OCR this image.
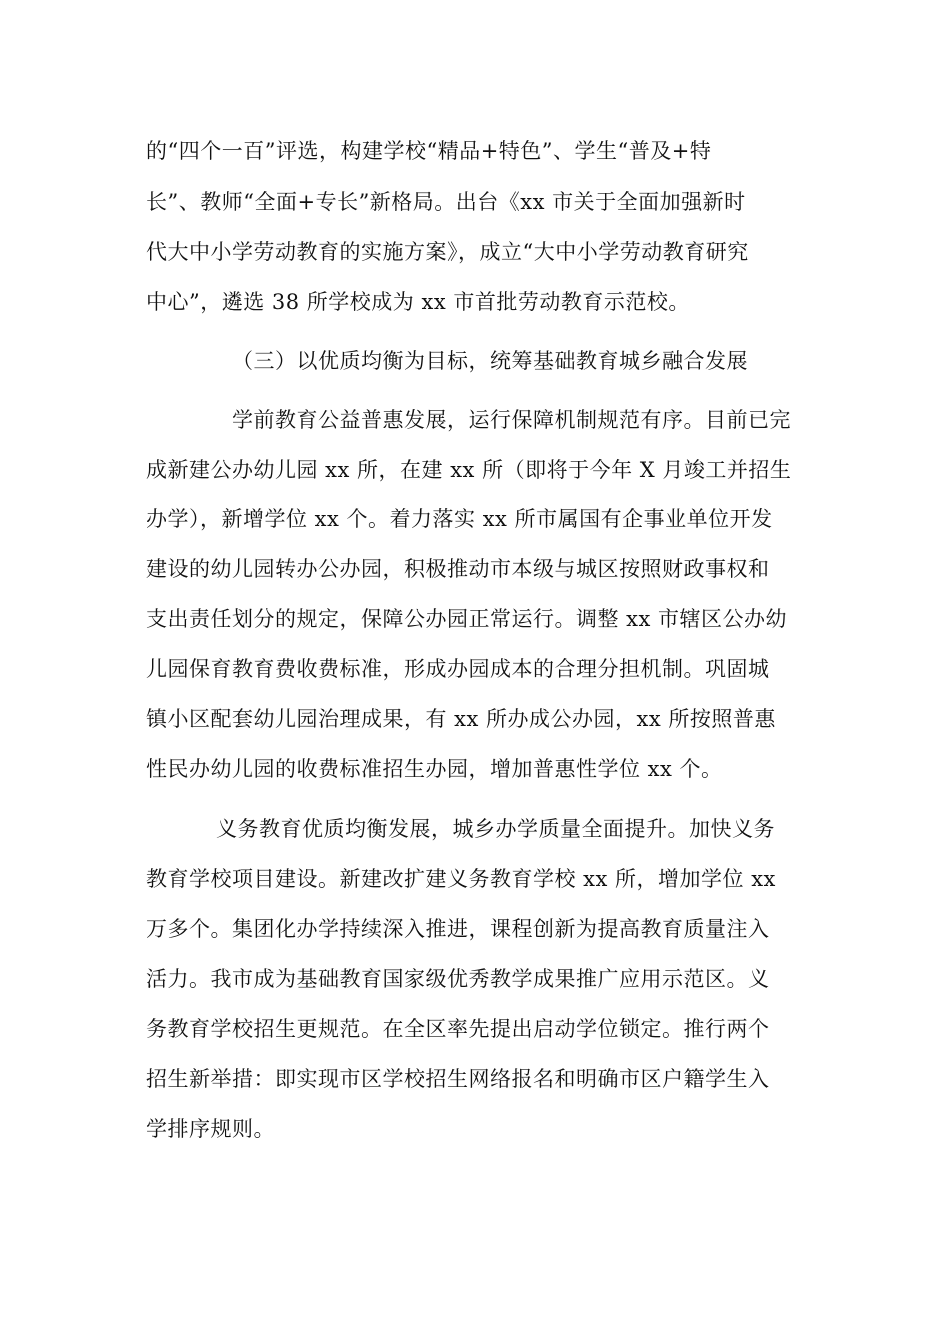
的“四个一百”评选，构建学校“精品+特色”、学生“普及+特
长”、教师“全面+专长”新格局。出台《xx 市关于全面加强新时
代大中小学劳动教育的实施方案》，成立“大中小学劳动教育研究
中心”，遴选 38 所学校成为 xx 市首批劳动教育示范校。
（三）以优质均衡为目标，统筹基础教育城乡融合发展
学前教育公益普惠发展，运行保障机制规范有序。目前已完
成新建公办幼儿园 xx 所，在建 xx 所（即将于今年 X 月竣工并招生
办学），新增学位 xx 个。着力落实 xx 所市属国有企事业单位开发
建设的幼儿园转办公办园，积极推动市本级与城区按照财政事权和
支出责任划分的规定，保障公办园正常运行。调整 xx 市辖区公办幼
儿园保育教育费收费标准，形成办园成本的合理分担机制。巩固城
镇小区配套幼儿园治理成果，有 xx 所办成公办园，xx 所按照普惠
性民办幼儿园的收费标准招生办园，增加普惠性学位 xx 个。
义务教育优质均衡发展，城乡办学质量全面提升。加快义务
教育学校项目建设。新建改扩建义务教育学校 xx 所，增加学位 xx
万多个。集团化办学持续深入推进，课程创新为提高教育质量注入
活力。我市成为基础教育国家级优秀教学成果推广应用示范区。义
务教育学校招生更规范。在全区率先提出启动学位锁定。推行两个
招生新举措：即实现市区学校招生网络报名和明确市区户籍学生入
学排序规则。
